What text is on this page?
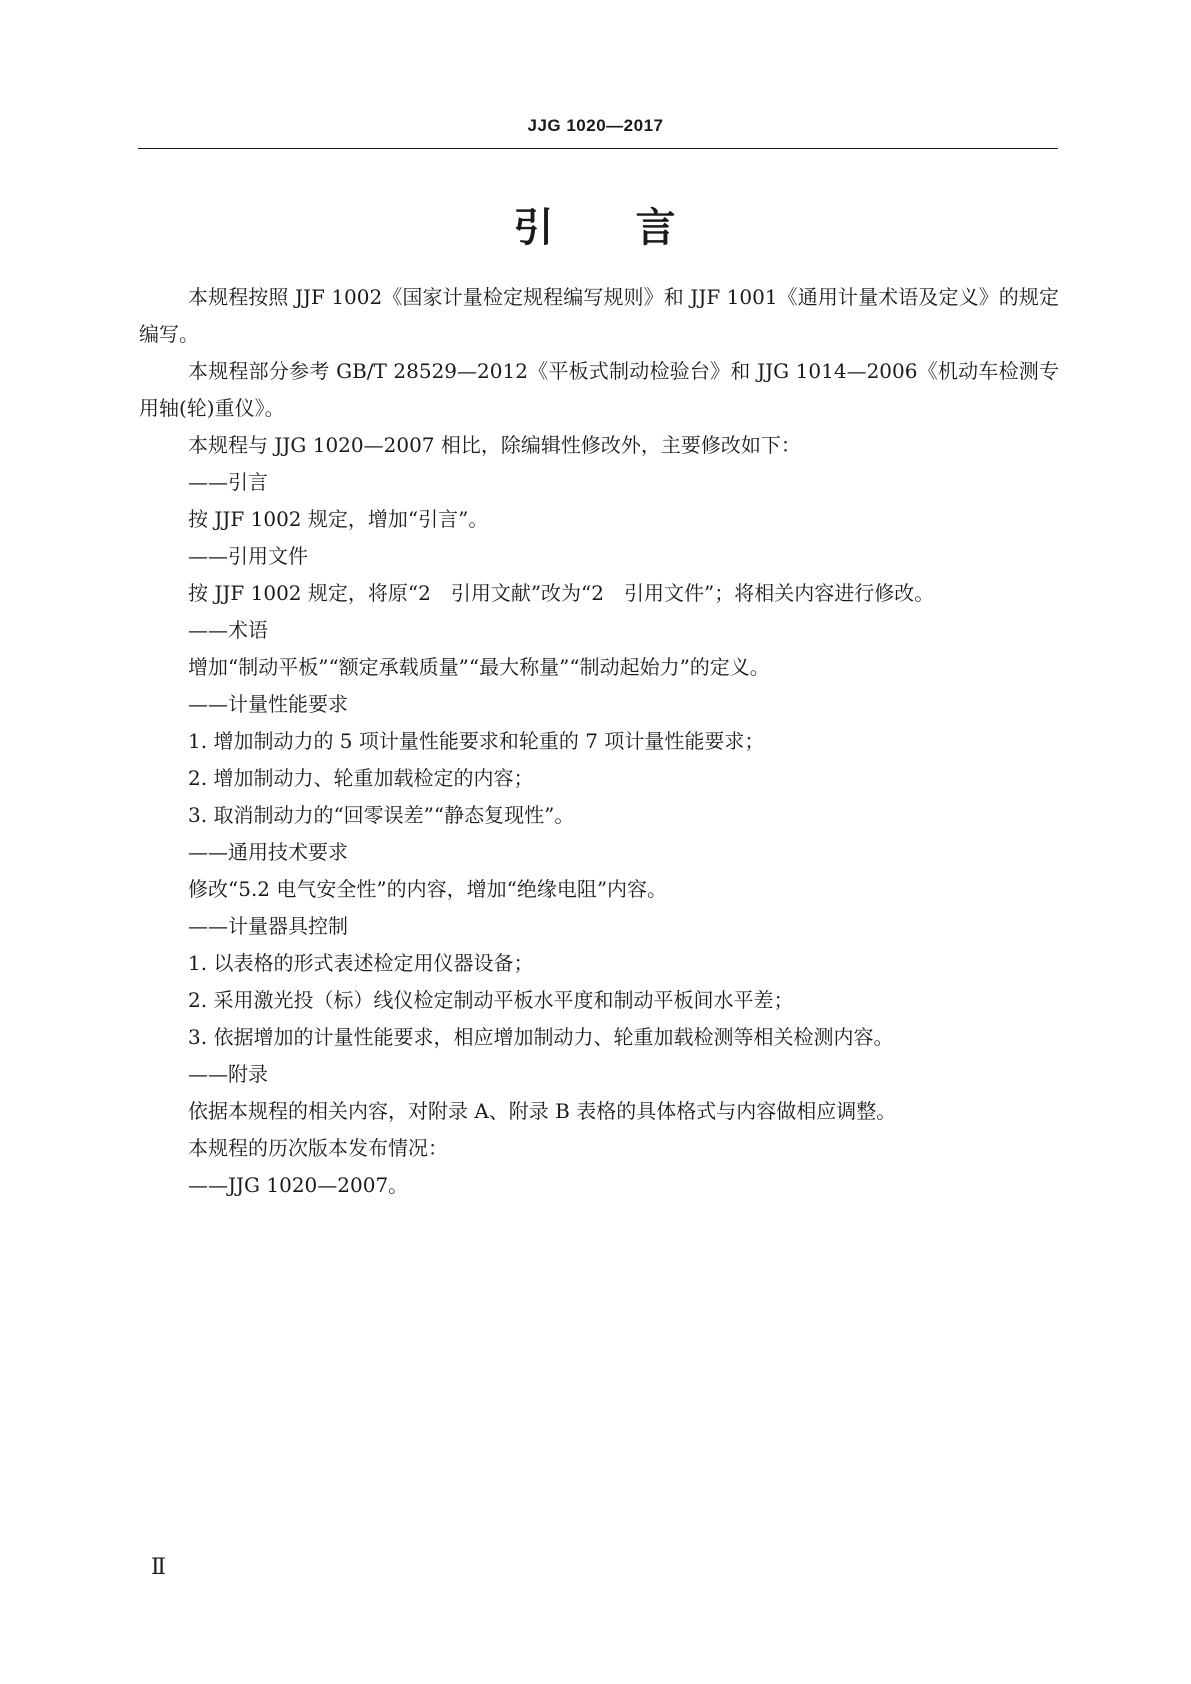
JJG 1020—2017
引 言

本规程按照 JJF 1002《国家计量检定规程编写规则》和 JJF 1001《通用计量术语及定义》的规定编写。

本规程部分参考 GB/T 28529—2012《平板式制动检验台》和 JJG 1014—2006《机动车检测专用轴(轮)重仪》。

本规程与 JJG 1020—2007 相比，除编辑性修改外，主要修改如下：

——引言

按 JJF 1002 规定，增加“引言”。

——引用文件

按 JJF 1002 规定，将原“2　引用文献”改为“2　引用文件”；将相关内容进行修改。

——术语

增加“制动平板”“额定承载质量”“最大称量”“制动起始力”的定义。

——计量性能要求

1. 增加制动力的 5 项计量性能要求和轮重的 7 项计量性能要求；

2. 增加制动力、轮重加载检定的内容；

3. 取消制动力的“回零误差”“静态复现性”。

——通用技术要求

修改“5.2 电气安全性”的内容，增加“绝缘电阻”内容。

——计量器具控制

1. 以表格的形式表述检定用仪器设备；

2. 采用激光投（标）线仪检定制动平板水平度和制动平板间水平差；

3. 依据增加的计量性能要求，相应增加制动力、轮重加载检测等相关检测内容。

——附录

依据本规程的相关内容，对附录 A、附录 B 表格的具体格式与内容做相应调整。

本规程的历次版本发布情况：

——JJG 1020—2007。

Ⅱ
